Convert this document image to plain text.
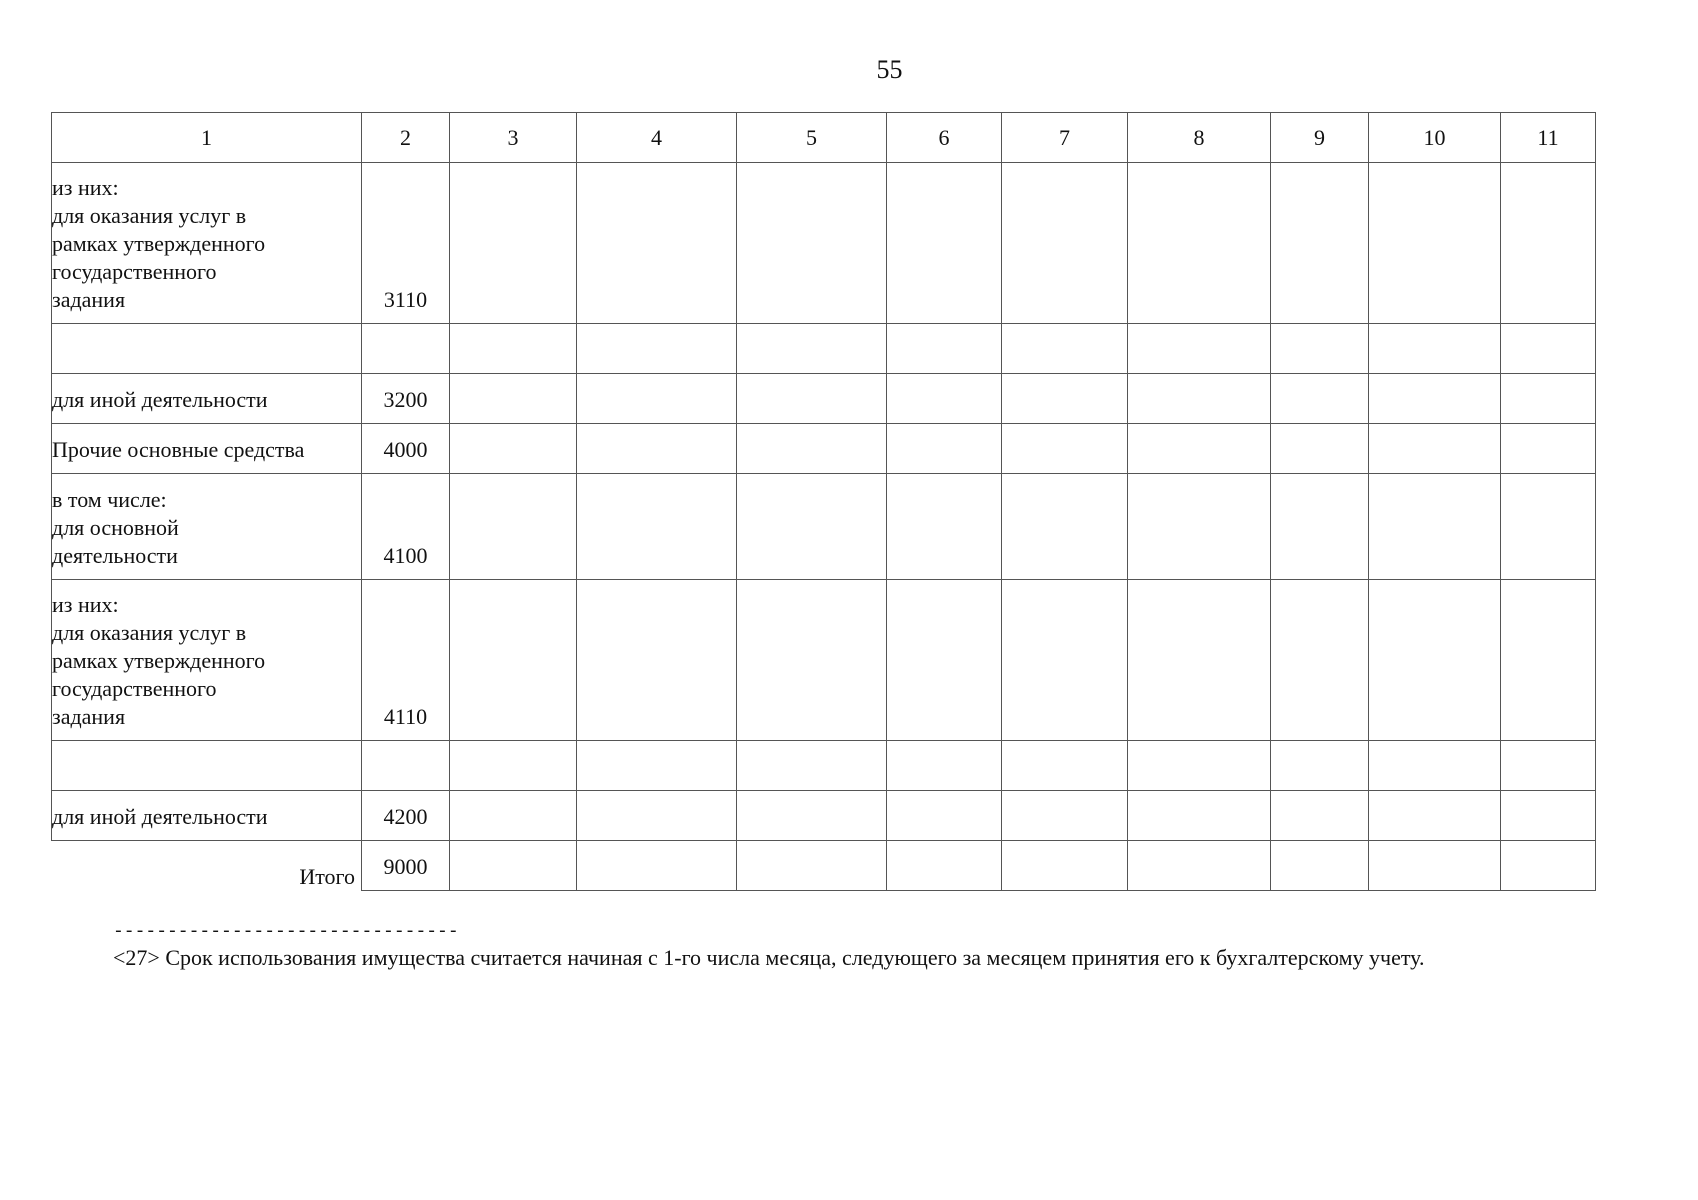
55
1	2	3	4	5	6	7	8	9	10	11

из них:
для оказания услуг в
рамках утвержденного
государственного
задания	3110									

для иной деятельности	3200									
Прочие основные средства	4000									

в том числе:
для основной
деятельности	4100									

из них:
для оказания услуг в
рамках утвержденного
государственного
задания	4110									

для иной деятельности	4200									
Итого	9000									
--------------------------------
<27> Срок использования имущества считается начиная с 1-го числа месяца, следующего за месяцем принятия его к бухгалтерскому учету.
